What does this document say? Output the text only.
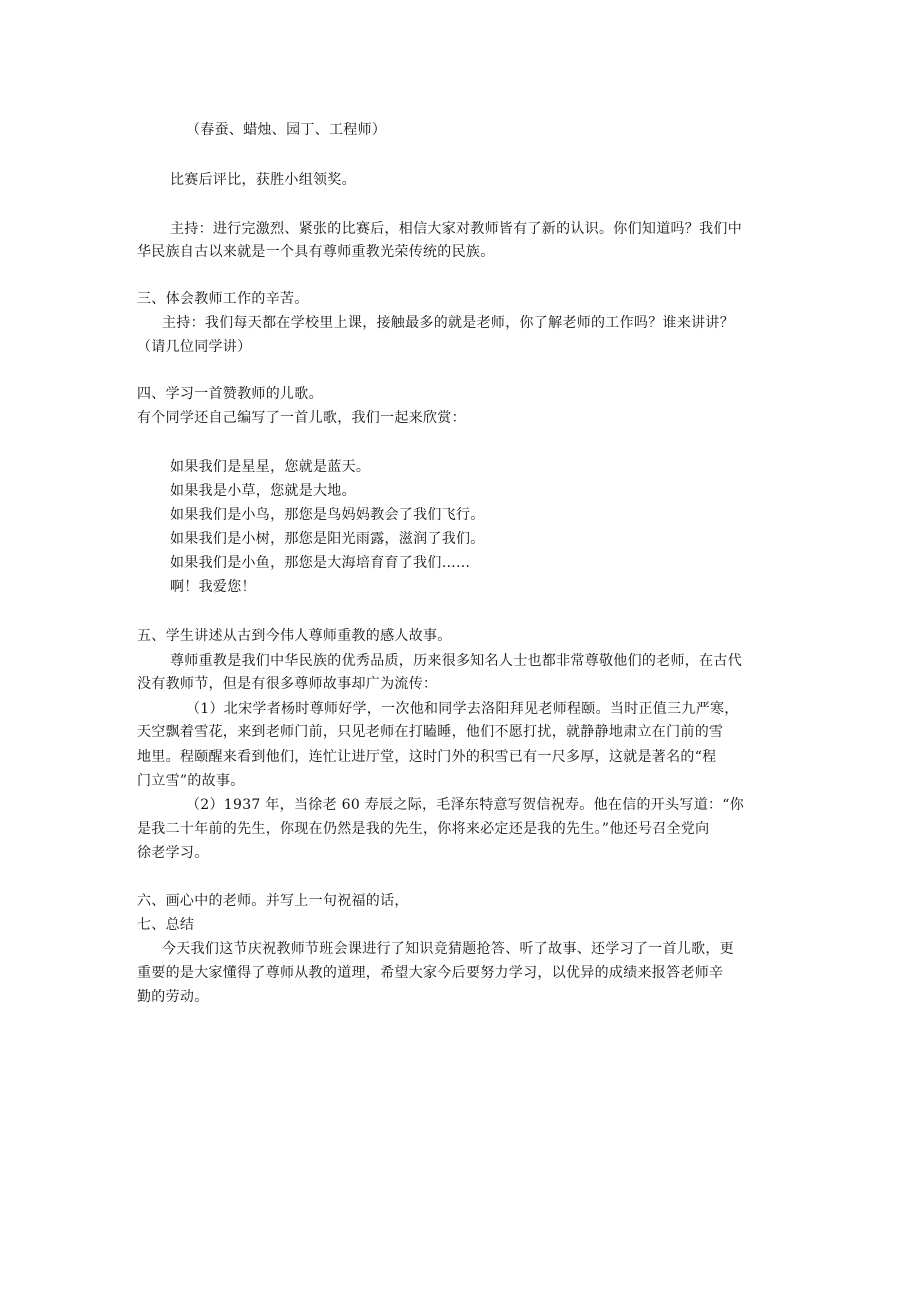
（春蚕、蜡烛、园丁、工程师）
比赛后评比，获胜小组领奖。
主持：进行完激烈、紧张的比赛后，相信大家对教师皆有了新的认识。你们知道吗？我们中
华民族自古以来就是一个具有尊师重教光荣传统的民族。
三、体会教师工作的辛苦。
主持：我们每天都在学校里上课，接触最多的就是老师，你了解老师的工作吗？谁来讲讲？
（请几位同学讲）
四、学习一首赞教师的儿歌。
有个同学还自己编写了一首儿歌，我们一起来欣赏：
如果我们是星星，您就是蓝天。
如果我是小草，您就是大地。
如果我们是小鸟，那您是鸟妈妈教会了我们飞行。
如果我们是小树，那您是阳光雨露，滋润了我们。
如果我们是小鱼，那您是大海培育育了我们……
啊！我爱您！
五、学生讲述从古到今伟人尊师重教的感人故事。
尊师重教是我们中华民族的优秀品质，历来很多知名人士也都非常尊敬他们的老师，在古代
没有教师节，但是有很多尊师故事却广为流传：
（1）北宋学者杨时尊师好学，一次他和同学去洛阳拜见老师程颐。当时正值三九严寒，
天空飘着雪花，来到老师门前，只见老师在打瞌睡，他们不愿打扰，就静静地肃立在门前的雪
地里。程颐醒来看到他们，连忙让进厅堂，这时门外的积雪已有一尺多厚，这就是著名的“程
门立雪”的故事。
（2）1937 年，当徐老 60 寿辰之际，毛泽东特意写贺信祝寿。他在信的开头写道：“你
是我二十年前的先生，你现在仍然是我的先生，你将来必定还是我的先生。”他还号召全党向
徐老学习。
六、画心中的老师。并写上一句祝福的话，
七、总结
今天我们这节庆祝教师节班会课进行了知识竞猜题抢答、听了故事、还学习了一首儿歌，更
重要的是大家懂得了尊师从教的道理，希望大家今后要努力学习，以优异的成绩来报答老师辛
勤的劳动。
